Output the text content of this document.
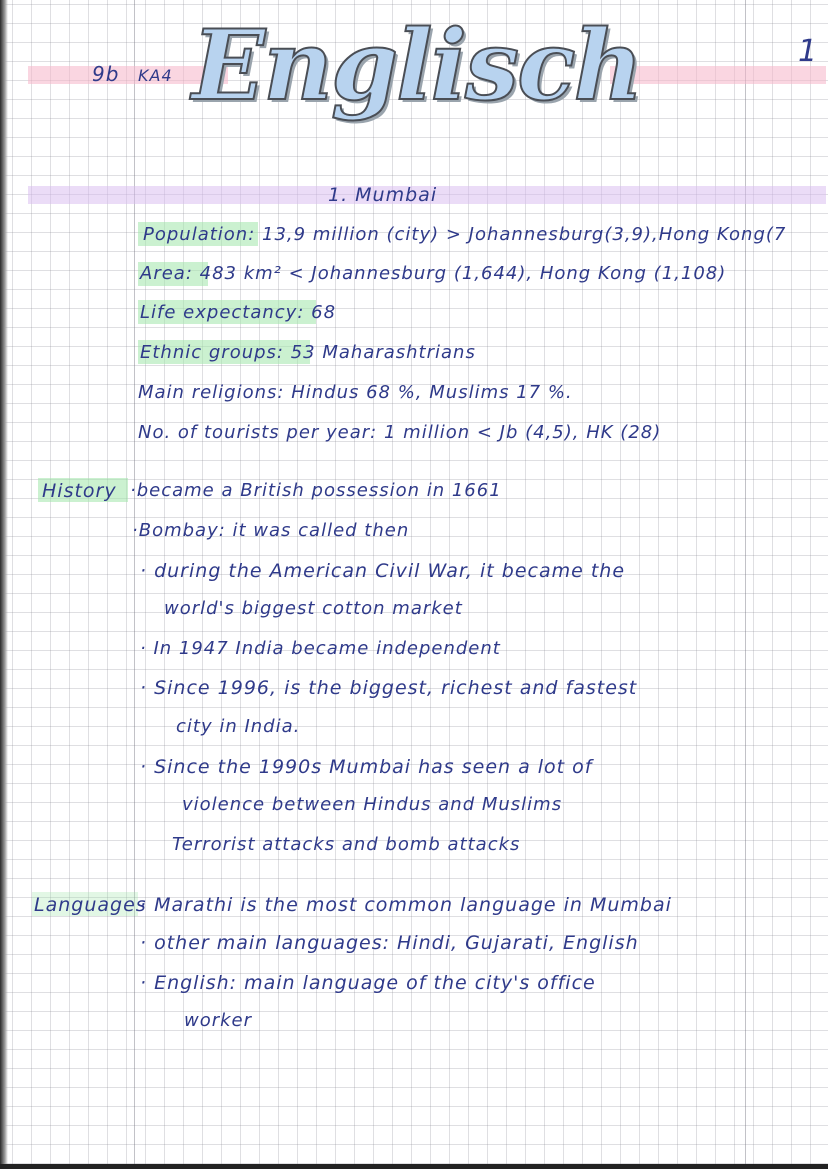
9b KA4 Englisch	1
1. Mumbai
Population: 13,9 million (city) > Johannesburg(3,9),Hong Kong(7
Area: 483 km² < Johannesburg (1,644), Hong Kong (1,108)
Life expectancy: 68
Ethnic groups: 53 Maharashtrians
Main religions: Hindus 68 %, Muslims 17 %.
No. of tourists per year: 1 million < Jb (4,5), HK (28)
History ·became a British possession in 1661
·Bombay: it was called then
· during the American Civil War, it became the
world's biggest cotton market
· In 1947 India became independent
· Since 1996, is the biggest, richest and fastest
city in India.
· Since the 1990s Mumbai has seen a lot of
violence between Hindus and Muslims
Terrorist attacks and bomb attacks
Languages
· Marathi is the most common language in Mumbai
· other main languages: Hindi, Gujarati, English
· English: main language of the city's office
worker
